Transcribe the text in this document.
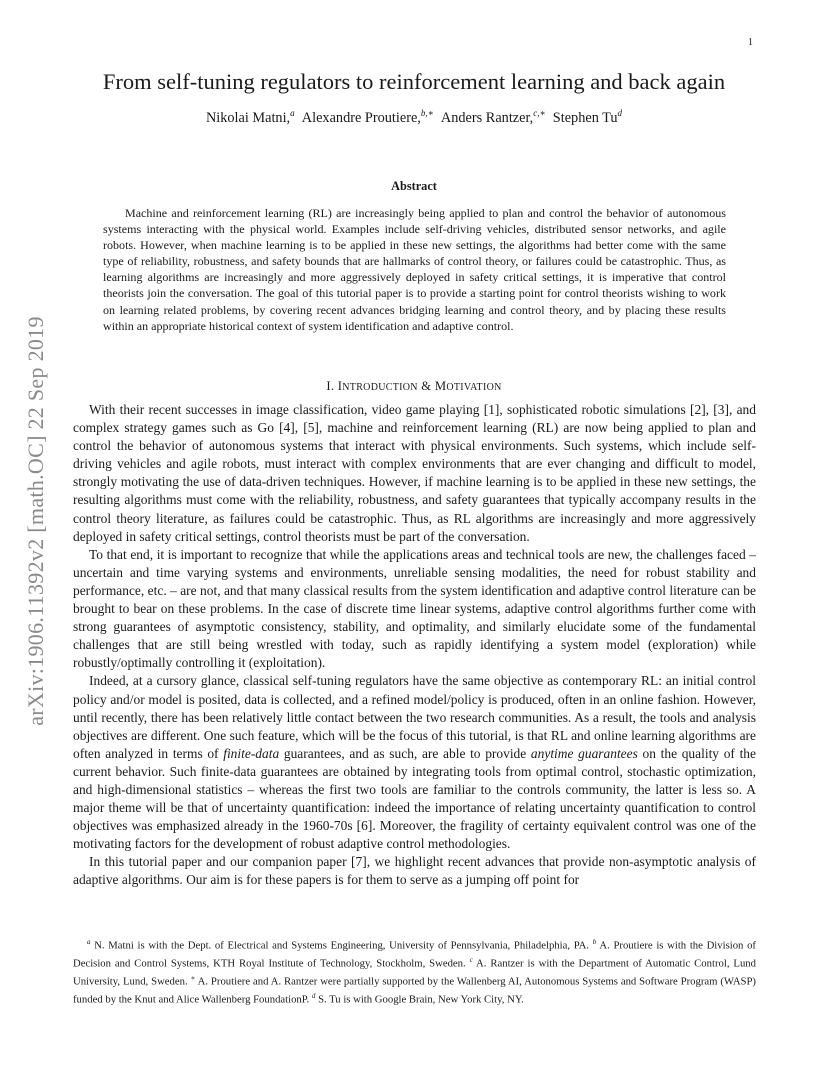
1
arXiv:1906.11392v2 [math.OC] 22 Sep 2019
From self-tuning regulators to reinforcement learning and back again
Nikolai Matni,$^a$ Alexandre Proutiere,$^{b,∗}$ Anders Rantzer,$^{c,∗}$ Stephen Tu$^d$
Abstract

Machine and reinforcement learning (RL) are increasingly being applied to plan and control the behavior of autonomous systems interacting with the physical world. Examples include self-driving vehicles, distributed sensor networks, and agile robots. However, when machine learning is to be applied in these new settings, the algorithms had better come with the same type of reliability, robustness, and safety bounds that are hallmarks of control theory, or failures could be catastrophic. Thus, as learning algorithms are increasingly and more aggressively deployed in safety critical settings, it is imperative that control theorists join the conversation. The goal of this tutorial paper is to provide a starting point for control theorists wishing to work on learning related problems, by covering recent advances bridging learning and control theory, and by placing these results within an appropriate historical context of system identification and adaptive control.

I. INTRODUCTION & MOTIVATION

With their recent successes in image classification, video game playing [1], sophisticated robotic simulations [2], [3], and complex strategy games such as Go [4], [5], machine and reinforcement learning (RL) are now being applied to plan and control the behavior of autonomous systems that interact with physical environments. Such systems, which include self-driving vehicles and agile robots, must interact with complex environments that are ever changing and difficult to model, strongly motivating the use of data-driven techniques. However, if machine learning is to be applied in these new settings, the resulting algorithms must come with the reliability, robustness, and safety guarantees that typically accompany results in the control theory literature, as failures could be catastrophic. Thus, as RL algorithms are increasingly and more aggressively deployed in safety critical settings, control theorists must be part of the conversation.

To that end, it is important to recognize that while the applications areas and technical tools are new, the challenges faced – uncertain and time varying systems and environments, unreliable sensing modalities, the need for robust stability and performance, etc. – are not, and that many classical results from the system identification and adaptive control literature can be brought to bear on these problems. In the case of discrete time linear systems, adaptive control algorithms further come with strong guarantees of asymptotic consistency, stability, and optimality, and similarly elucidate some of the fundamental challenges that are still being wrestled with today, such as rapidly identifying a system model (exploration) while robustly/optimally controlling it (exploitation).

Indeed, at a cursory glance, classical self-tuning regulators have the same objective as contemporary RL: an initial control policy and/or model is posited, data is collected, and a refined model/policy is produced, often in an online fashion. However, until recently, there has been relatively little contact between the two research communities. As a result, the tools and analysis objectives are different. One such feature, which will be the focus of this tutorial, is that RL and online learning algorithms are often analyzed in terms of finite-data guarantees, and as such, are able to provide anytime guarantees on the quality of the current behavior. Such finite-data guarantees are obtained by integrating tools from optimal control, stochastic optimization, and high-dimensional statistics – whereas the first two tools are familiar to the controls community, the latter is less so. A major theme will be that of uncertainty quantification: indeed the importance of relating uncertainty quantification to control objectives was emphasized already in the 1960-70s [6]. Moreover, the fragility of certainty equivalent control was one of the motivating factors for the development of robust adaptive control methodologies.

In this tutorial paper and our companion paper [7], we highlight recent advances that provide non-asymptotic analysis of adaptive algorithms. Our aim is for these papers is for them to serve as a jumping off point for

$^a$ N. Matni is with the Dept. of Electrical and Systems Engineering, University of Pennsylvania, Philadelphia, PA. $^b$ A. Proutiere is with the Division of Decision and Control Systems, KTH Royal Institute of Technology, Stockholm, Sweden. $^c$ A. Rantzer is with the Department of Automatic Control, Lund University, Lund, Sweden. ∗ A. Proutiere and A. Rantzer were partially supported by the Wallenberg AI, Autonomous Systems and Software Program (WASP) funded by the Knut and Alice Wallenberg FoundationP. $^d$ S. Tu is with Google Brain, New York City, NY.
